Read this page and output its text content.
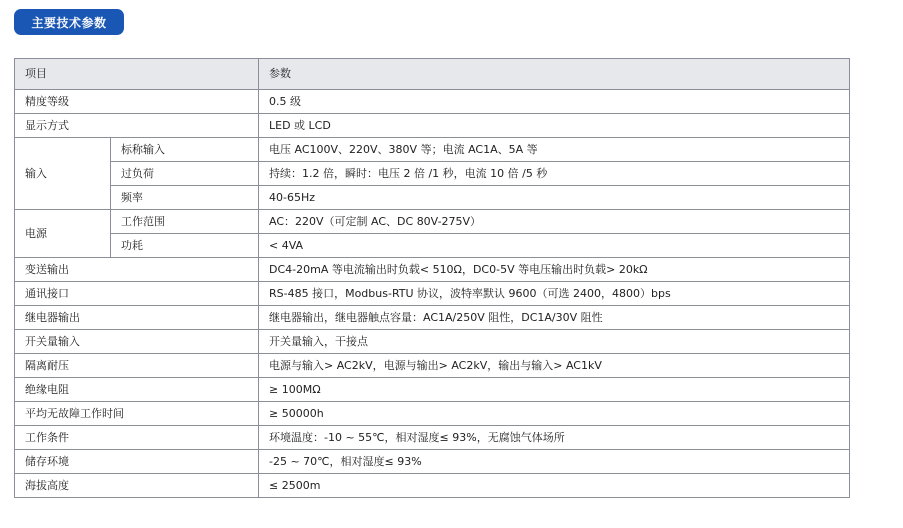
主要技术参数
项目		参数
精度等级		0.5 级
显示方式		LED 或 LCD
输入	标称输入	电压 AC100V、220V、380V 等；电流 AC1A、5A 等
	过负荷	持续：1.2 倍，瞬时：电压 2 倍 /1 秒，电流 10 倍 /5 秒
	频率	40-65Hz
电源	工作范围	AC：220V（可定制 AC、DC 80V-275V）
	功耗	< 4VA
变送输出		DC4-20mA 等电流输出时负载< 510Ω，DC0-5V 等电压输出时负载> 20kΩ
通讯接口		RS-485 接口，Modbus-RTU 协议，波特率默认 9600（可选 2400，4800）bps
继电器输出		继电器输出，继电器触点容量：AC1A/250V 阻性，DC1A/30V 阻性
开关量输入		开关量输入，干接点
隔离耐压		电源与输入> AC2kV，电源与输出> AC2kV，输出与输入> AC1kV
绝缘电阻		≥ 100MΩ
平均无故障工作时间		≥ 50000h
工作条件		环境温度：-10 ~ 55℃，相对湿度≤ 93%，无腐蚀气体场所
储存环境		-25 ~ 70℃，相对湿度≤ 93%
海拔高度		≤ 2500m
